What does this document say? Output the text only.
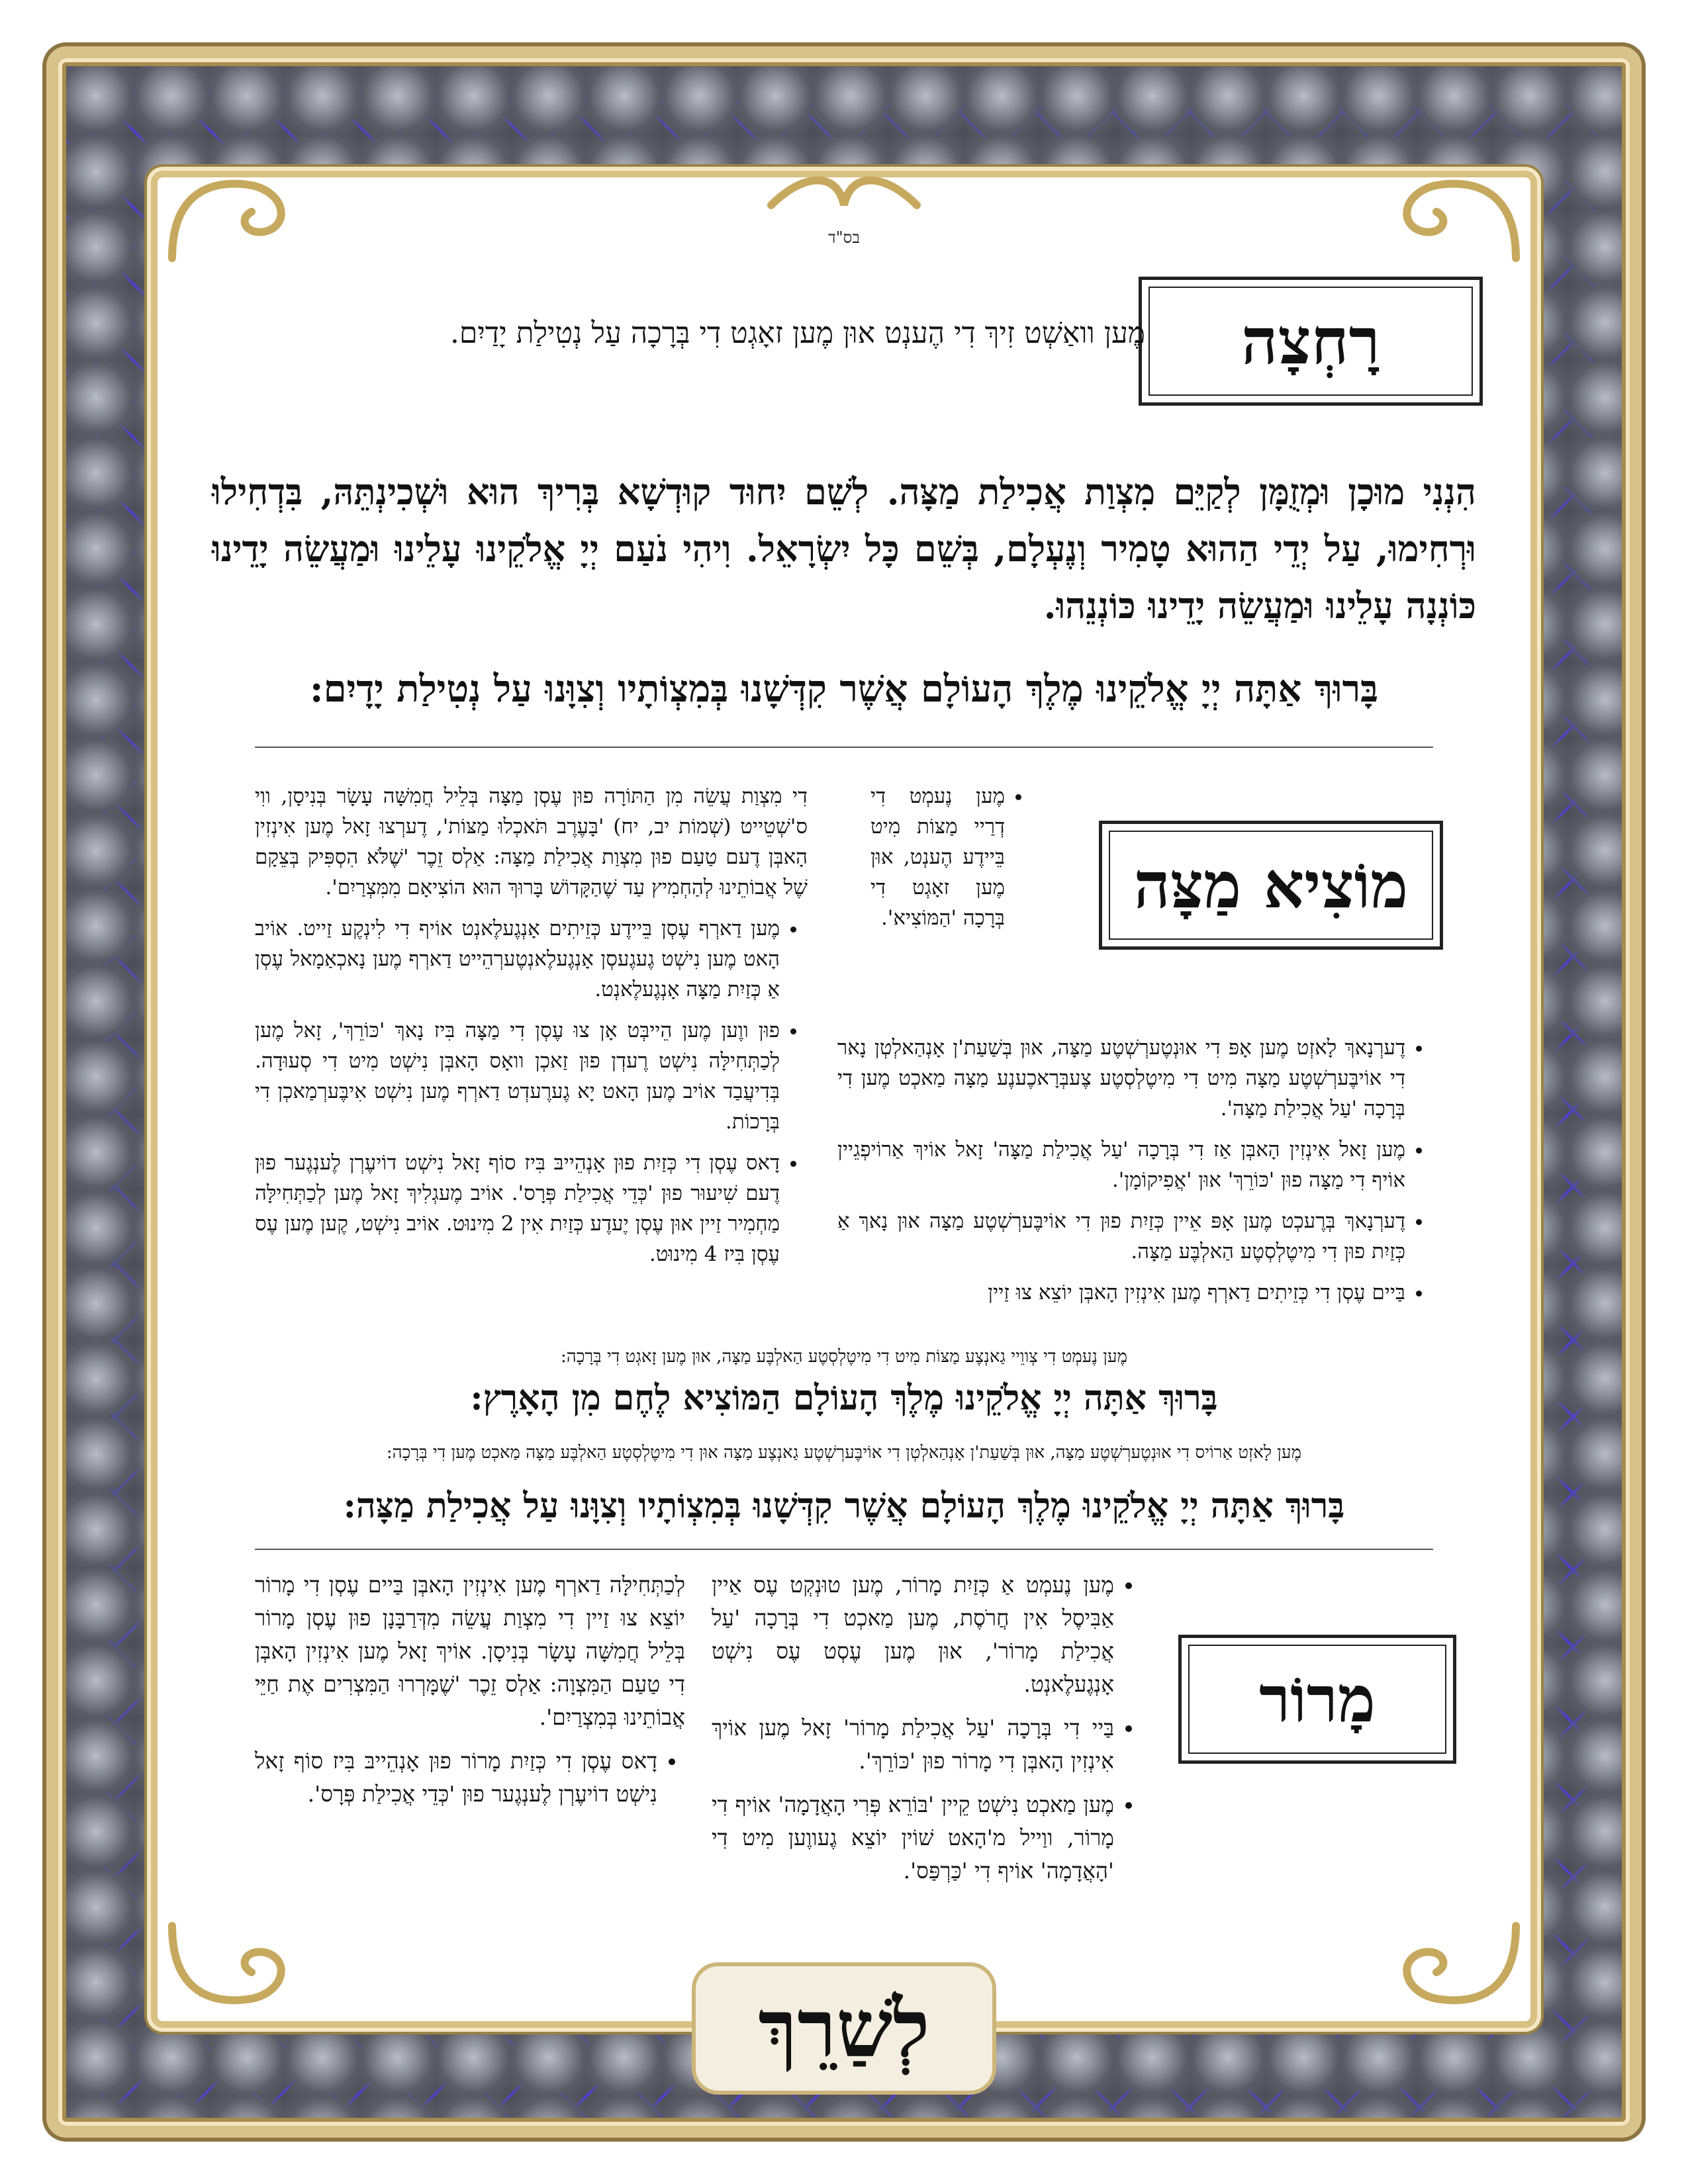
בס"ד
רָחְצָה
מֶען וואַשְׁט זִיךְ דִי הֶענְט אוּן מֶען זאָגְט דִי בְּרָכָה עַל נְטִילַת יָדַיִם.
הִנְנִי מוּכָן וּמְזֻמָּן לְקַיֵּם מִצְוַת אֲכִילַת מַצָּה. לְשֵׁם יִחוּד קוּדְשָׁא בְּרִיךְ הוּא וּשְׁכִינְתֵּהּ, בִּדְחִילוּ וּרְחִימוּ, עַל יְדֵי הַהוּא טָמִיר וְנֶעְלָם, בְּשֵׁם כָּל יִשְׂרָאֵל. וִיהִי נֹעַם יְיָ אֱלֹקֵינוּ עָלֵינוּ וּמַעֲשֵׂה יָדֵינוּ כּוֹנְנָה עָלֵינוּ וּמַעֲשֵׂה יָדֵינוּ כּוֹנְנֵהוּ.
בָּרוּךְ אַתָּה יְיָ אֱלֹקֵינוּ מֶלֶךְ הָעוֹלָם אֲשֶׁר קִדְּשָׁנוּ בְּמִצְוֹתָיו וְצִוָּנוּ עַל נְטִילַת יָדָיִם:
מוֹצִיא מַצָּה
• מֶען נֶעמְט דִי דְרַיי מַצּוֹת מִיט בֵּיידֶע הֶענְט, אוּן מֶען זאָגְט דִי בְּרָכָה 'הַמּוֹצִיא'.
• דֶערְנָאךְ לָאזְט מֶען אָפּ דִי אוּנְטֶערְשְׁטֶע מַצָּה, אוּן בְּשַׁעַת'ן אָנְהַאלְטְן נָאר דִי אוֹיבֶּערְשְׁטֶע מַצָּה מִיט דִי מִיטֶלְסְטֶע צֶעבְּרָאכֶענֶע מַצָּה מַאכְט מֶען דִי בְּרָכָה 'עַל אֲכִילַת מַצָּה'.
• מֶען זָאל אִינְזִין הָאבְּן אַז דִי בְּרָכָה 'עַל אֲכִילַת מַצָּה' זָאל אוֹיךְ אַרוֹיפְגֵיין אוֹיף דִי מַצָּה פוּן 'כּוֹרֵךְ' אוּן 'אֲפִיקוֹמָן'.
• דֶערְנָאךְ בְּרֶעכְט מֶען אָפּ אֵיין כְּזַיִת פוּן דִי אוֹיבֶּערְשְׁטֶע מַצָּה אוּן נָאךְ אַ כְּזַיִת פוּן דִי מִיטֶלְסְטֶע הַאלְבֶּע מַצָּה.
• בַּיים עֶסְן דִי כְּזֵיתִים דַארְף מֶען אִינְזִין הָאבְּן יוֹצֵא צוּ זַיין

דִי מִצְוַת עֲשֵׂה מִן הַתּוֹרָה פוּן עֶסְן מַצָּה בְּלֵיל חֲמִשָּׁה עָשָׂר בְּנִיסָן, ווִי ס'שְׁטֵייט (שְׁמוֹת יב, יח) 'בָּעֶרֶב תֹּאכְלוּ מַצּוֹת', דֶערְצוּ זָאל מֶען אִינְזִין הָאבְּן דֶעם טַעַם פוּן מִצְוַת אֲכִילַת מַצָּה: אַלְס זֵכֶר 'שֶׁלֹּא הִסְפִּיק בְּצֵקָם שֶׁל אֲבוֹתֵינוּ לְהַחְמִיץ עַד שֶׁהַקָּדוֹשׁ בָּרוּךְ הוּא הוֹצִיאָם מִמִּצְרַיִם'.

• מֶען דַארְף עֶסְן בֵּיידֶע כְּזֵיתִים אָנְגֶעלֶאנְט אוֹיף דִי לִינְקֶע זַייט. אוֹיב הָאט מֶען נִישְׁט גֶעגֶעסְן אָנְגֶעלֶאנְטֶערְהֵייט דַארְף מֶען נָאכְאַמָאל עֶסְן אַ כְּזַיִת מַצָּה אָנְגֶעלֶאנְט.
• פוּן ווֶען מֶען הֵייבְּט אָן צוּ עֶסְן דִי מַצָּה בִּיז נָאךְ 'כּוֹרֵךְ', זָאל מֶען לְכַתְּחִילָּה נִישְׁט רֶעדְן פוּן זַאכְן וואָס הָאבְּן נִישְׁט מִיט דִי סְעוּדָה. בְּדִיעֲבַד אוֹיב מֶען הָאט יָא גֶערֶעדְט דַארְף מֶען נִישְׁט אִיבֶּערְמַאכְן דִי בְּרָכוֹת.
• דָאס עֶסְן דִי כְּזַיִת פוּן אָנְהֵייבּ בִּיז סוֹף זָאל נִישְׁט דוֹיעֶרְן לֶענְגֶער פוּן דֶעם שִׁיעוּר פוּן 'כְּדֵי אֲכִילַת פְּרָס'. אוֹיב מֶעגְלִיךְ זָאל מֶען לְכַתְּחִילָּה מַחְמִיר זַיין אוּן עֶסְן יֶעדֶע כְּזַיִת אִין 2 מִינוּט. אוֹיב נִישְׁט, קֶען מֶען עֶס עֶסְן בִּיז 4 מִינוּט.
מֶען נֶעמְט דִי צְווֵיי גַאנְצֶע מַצּוֹת מִיט דִי מִיטֶלְסְטֶע הַאלְבֶּע מַצָּה, אוּן מֶען זָאגְט דִי בְּרָכָה:
בָּרוּךְ אַתָּה יְיָ אֱלֹקֵינוּ מֶלֶךְ הָעוֹלָם הַמּוֹצִיא לֶחֶם מִן הָאָרֶץ:
מֶען לָאזְט אַרוֹיס דִי אוּנְטֶערְשְׁטֶע מַצָּה, אוּן בְּשַׁעַת'ן אָנְהַאלְטְן דִי אוֹיבֶּערְשְׁטֶע גַאנְצֶע מַצָּה אוּן דִי מִיטֶלְסְטֶע הַאלְבֶּע מַצָּה מַאכְט מֶען דִי בְּרָכָה:
בָּרוּךְ אַתָּה יְיָ אֱלֹקֵינוּ מֶלֶךְ הָעוֹלָם אֲשֶׁר קִדְּשָׁנוּ בְּמִצְוֹתָיו וְצִוָּנוּ עַל אֲכִילַת מַצָּה:
מָרוֹר
• מֶען נֶעמְט אַ כְּזַיִת מָרוֹר, מֶען טוּנְקְט עֶס אַיין אַבִּיסֶל אִין חֲרֹסֶת, מֶען מַאכְט דִי בְּרָכָה 'עַל אֲכִילַת מָרוֹר', אוּן מֶען עֶסְט עֶס נִישְׁט אָנְגֶעלֶאנְט.
• בַּיי דִי בְּרָכָה 'עַל אֲכִילַת מָרוֹר' זָאל מֶען אוֹיךְ אִינְזִין הָאבְּן דִי מָרוֹר פוּן 'כּוֹרֵךְ'.
• מֶען מַאכְט נִישְׁט קֵיין 'בּוֹרֵא פְּרִי הָאֲדָמָה' אוֹיף דִי מָרוֹר, ווַייל מ'הָאט שׁוֹין יוֹצֵא גֶעווֶען מִיט דִי 'הָאֲדָמָה' אוֹיף דִי 'כַּרְפַּס'.

לְכַתְּחִילָּה דַארְף מֶען אִינְזִין הָאבְּן בַּיים עֶסְן דִי מָרוֹר יוֹצֵא צוּ זַיין דִי מִצְוַת עֲשֵׂה מִדְּרַבָּנָן פוּן עֶסְן מָרוֹר בְּלֵיל חֲמִשָּׁה עָשָׂר בְּנִיסָן. אוֹיךְ זָאל מֶען אִינְזִין הָאבְּן דִי טַעַם הַמִּצְוָה: אַלְס זֵכֶר 'שֶׁמָּרְרוּ הַמִּצְרִים אֶת חַיֵּי אֲבוֹתֵינוּ בְּמִצְרַיִם'.

• דָאס עֶסְן דִי כְּזַיִת מָרוֹר פוּן אָנְהֵייבּ בִּיז סוֹף זָאל נִישְׁט דוֹיעֶרְן לֶענְגֶער פוּן 'כְּדֵי אֲכִילַת פְּרָס'.
לְשַׁרֵךְ
